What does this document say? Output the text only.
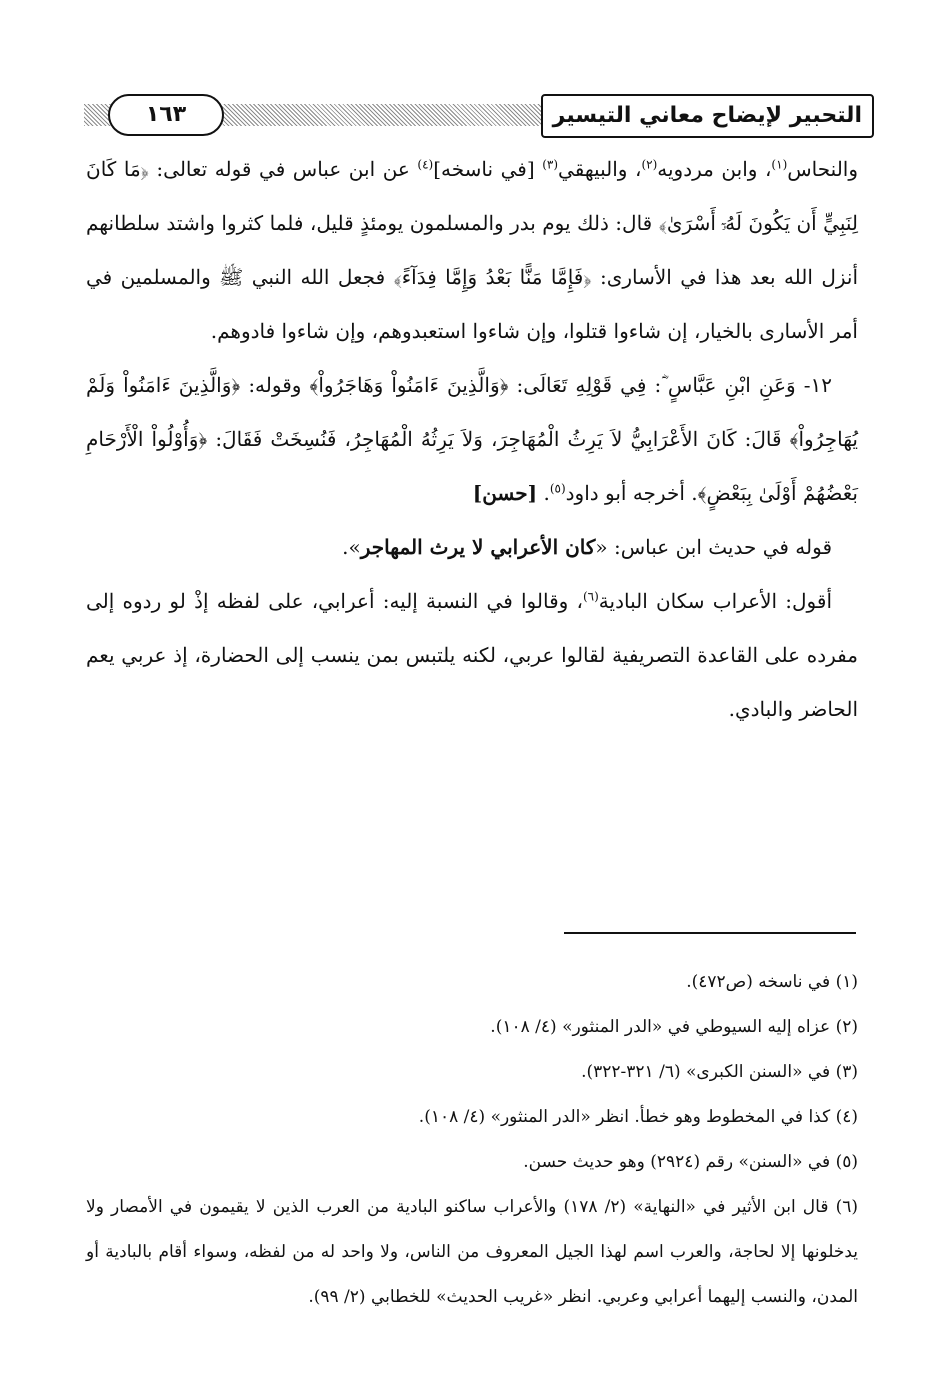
التحبير لإيضاح معاني التيسير
١٦٣

والنحاس$^{(١)}$، وابن مردويه$^{(٢)}$، والبيهقي$^{(٣)}$ [في ناسخه]$^{(٤)}$ عن ابن عباس في قوله تعالى: ﴿مَا كَانَ لِنَبِيٍّ أَن يَكُونَ لَهُۥٓ أَسْرَىٰ﴾ قال: ذلك يوم بدر والمسلمون يومئذٍ قليل، فلما كثروا واشتد سلطانهم أنزل الله بعد هذا في الأسارى: ﴿فَإِمَّا مَنًّا بَعْدُ وَإِمَّا فِدَآءً﴾ فجعل الله النبي ﷺ والمسلمين في أمر الأسارى بالخيار، إن شاءوا قتلوا، وإن شاءوا استعبدوهم، وإن شاءوا فادوهم.

١٢- وَعَنِ ابْنِ عَبَّاسٍ ؓ: فِي قَوْلِهِ تَعَالَى: ﴿وَالَّذِينَ ءَامَنُواْ وَهَاجَرُواْ﴾ وقوله: ﴿وَالَّذِينَ ءَامَنُواْ وَلَمْ يُهَاجِرُواْ﴾ قَالَ: كَانَ الأَعْرَابِيُّ لاَ يَرِثُ الْمُهَاجِرَ، وَلاَ يَرِثُهُ الْمُهَاجِرُ، فَنُسِخَتْ فَقَالَ: ﴿وَأُوْلُواْ الْأَرْحَامِ بَعْضُهُمْ أَوْلَىٰ بِبَعْضٍ﴾. أخرجه أبو داود$^{(٥)}$. [حسن]

قوله في حديث ابن عباس: «كان الأعرابي لا يرث المهاجر».

أقول: الأعراب سكان البادية$^{(٦)}$، وقالوا في النسبة إليه: أعرابي، على لفظه إذْ لو ردوه إلى مفرده على القاعدة التصريفية لقالوا عربي، لكنه يلتبس بمن ينسب إلى الحضارة، إذ عربي يعم الحاضر والبادي.

(١) في ناسخه (ص٤٧٢).

(٢) عزاه إليه السيوطي في «الدر المنثور» (٤/ ١٠٨).

(٣) في «السنن الكبرى» (٦/ ٣٢١-٣٢٢).

(٤) كذا في المخطوط وهو خطأ. انظر «الدر المنثور» (٤/ ١٠٨).

(٥) في «السنن» رقم (٢٩٢٤) وهو حديث حسن.

(٦) قال ابن الأثير في «النهاية» (٢/ ١٧٨) والأعراب ساكنو البادية من العرب الذين لا يقيمون في الأمصار ولا يدخلونها إلا لحاجة، والعرب اسم لهذا الجيل المعروف من الناس، ولا واحد له من لفظه، وسواء أقام بالبادية أو المدن، والنسب إليهما أعرابي وعربي. انظر «غريب الحديث» للخطابي (٢/ ٩٩).
